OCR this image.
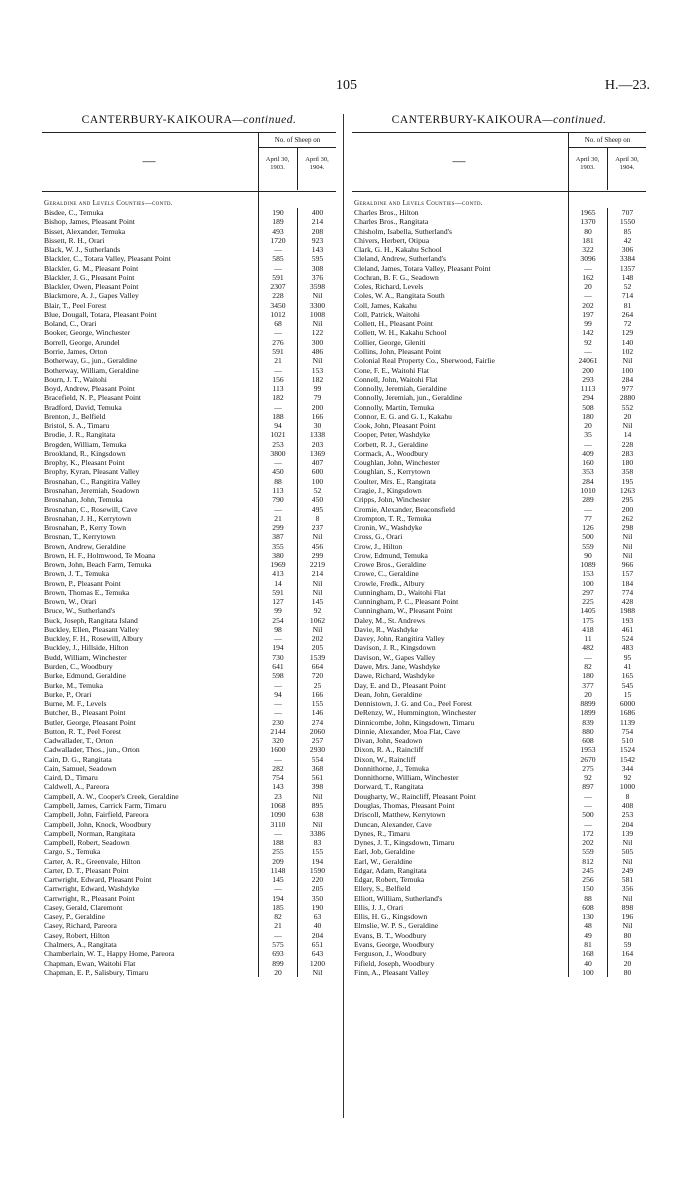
105	H.—23.
CANTERBURY-KAIKOURA—continued.
—
No. of Sheep on
April 30, 1903.
April 30, 1904.
Geraldine and Levels Counties—contd.
Bisdee, C., Temuka	190	400
Bishop, James, Pleasant Point	189	214
Bisset, Alexander, Temuka	493	208
Bissett, R. H., Orari	1720	923
Black, W. J., Sutherlands	—	143
Blackler, C., Totara Valley, Pleasant Point	585	595
Blackler, G. M., Pleasant Point	—	308
Blackler, J. G., Pleasant Point	591	376
Blackler, Owen, Pleasant Point	2307	3598
Blackmore, A. J., Gapes Valley	228	Nil
Blair, T., Peel Forest	3450	3300
Blue, Dougall, Totara, Pleasant Point	1012	1008
Boland, C., Orari	68	Nil
Booker, George, Winchester	—	122
Borrell, George, Arundel	276	300
Borrie, James, Orton	591	486
Botherway, G., jun., Geraldine	21	Nil
Botherway, William, Geraldine	—	153
Bourn, J. T., Waitohi	156	182
Boyd, Andrew, Pleasant Point	113	99
Bracefield, N. P., Pleasant Point	182	79
Bradford, David, Temuka	—	200
Brenton, J., Belfield	188	166
Bristol, S. A., Timaru	94	30
Brodie, J. R., Rangitata	1021	1338
Brogden, William, Temuka	253	203
Brookland, R., Kingsdown	3800	1369
Brophy, K., Pleasant Point	—	407
Brophy, Kyran, Pleasant Valley	450	600
Brosnahan, C., Rangitira Valley	88	100
Brosnahan, Jeremiah, Seadown	113	52
Brosnahan, John, Temuka	790	450
Brosnahan, C., Rosewill, Cave	—	495
Brosnahan, J. H., Kerrytown	21	8
Brosnahan, P., Kerry Town	299	237
Brosnan, T., Kerrytown	387	Nil
Brown, Andrew, Geraldine	355	456
Brown, H. F., Holmwood, Te Moana	380	299
Brown, John, Beach Farm, Temuka	1969	2219
Brown, J. T., Temuka	413	214
Brown, P., Pleasant Point	14	Nil
Brown, Thomas E., Temuka	591	Nil
Brown, W., Orari	127	145
Bruce, W., Sutherland's	99	92
Buck, Joseph, Rangitata Island	254	1062
Buckley, Ellen, Pleasant Valley	98	Nil
Buckley, F. H., Rosewill, Albury	—	202
Buckley, J., Hillside, Hilton	194	205
Budd, William, Winchester	730	1539
Burden, C., Woodbury	641	664
Burke, Edmund, Geraldine	598	720
Burke, M., Temuka	—	25
Burke, P., Orari	94	166
Burne, M. F., Levels	—	155
Butcher, B., Pleasant Point	—	146
Butler, George, Pleasant Point	230	274
Button, R. T., Peel Forest	2144	2060
Cadwallader, T., Orton	320	257
Cadwallader, Thos., jun., Orton	1600	2930
Cain, D. G., Rangitata	—	554
Cain, Samuel, Seadown	282	368
Caird, D., Timaru	754	561
Caldwell, A., Pareora	143	398
Campbell, A. W., Cooper's Creek, Geraldine	23	Nil
Campbell, James, Carrick Farm, Timaru	1068	895
Campbell, John, Fairfield, Pareora	1090	638
Campbell, John, Knock, Woodbury	3110	Nil
Campbell, Norman, Rangitata	—	3386
Campbell, Robert, Seadown	188	83
Cargo, S., Temuka	255	155
Carter, A. R., Greenvale, Hilton	209	194
Carter, D. T., Pleasant Point	1148	1590
Cartwright, Edward, Pleasant Point	145	220
Cartwright, Edward, Washdyke	—	205
Cartwright, R., Pleasant Point	194	350
Casey, Gerald, Claremont	185	190
Casey, P., Geraldine	82	63
Casey, Richard, Pareora	21	40
Casey, Robert, Hilton	—	204
Chalmers, A., Rangitata	575	651
Chamberlain, W. T., Happy Home, Pareora	693	643
Chapman, Ewan, Waitohi Flat	899	1200
Chapman, E. P., Salisbury, Timaru	20	Nil
CANTERBURY-KAIKOURA—continued.
—
No. of Sheep on
April 30, 1903.
April 30, 1904.
Geraldine and Levels Counties—contd.
Charles Bros., Hilton	1965	707
Charles Bros., Rangitata	1370	1550
Chisholm, Isabella, Sutherland's	80	85
Chivers, Herbert, Otipua	181	42
Clark, G. H., Kakahu School	322	306
Cleland, Andrew, Sutherland's	3096	3384
Cleland, James, Totara Valley, Pleasant Point	—	1357
Cochran, B. F. G., Seadown	162	148
Coles, Richard, Levels	20	52
Coles, W. A., Rangitata South	—	714
Coll, James, Kakahu	202	81
Coll, Patrick, Waitohi	197	264
Collett, H., Pleasant Point	99	72
Collett, W. H., Kakahu School	142	129
Collier, George, Gleniti	92	140
Collins, John, Pleasant Point	—	102
Colonial Real Property Co., Sherwood, Fairlie	24061	Nil
Cone, F. E., Waitohi Flat	200	100
Connell, John, Waitohi Flat	293	284
Connolly, Jeremiah, Geraldine	1113	977
Connolly, Jeremiah, jun., Geraldine	294	2880
Connolly, Martin, Temuka	508	552
Connor, E. G. and G. I., Kakahu	180	20
Cook, John, Pleasant Point	20	Nil
Cooper, Peter, Washdyke	35	14
Corbett, R. J., Geraldine	—	228
Cormack, A., Woodbury	409	283
Coughlan, John, Winchester	160	180
Coughlan, S., Kerrytown	353	358
Coulter, Mrs. E., Rangitata	284	195
Cragie, J., Kingsdown	1010	1263
Cripps, John, Winchester	289	295
Cromie, Alexander, Beaconsfield	—	200
Crompton, T. R., Temuka	77	262
Cronin, W., Washdyke	126	298
Cross, G., Orari	500	Nil
Crow, J., Hilton	559	Nil
Crow, Edmund, Temuka	90	Nil
Crowe Bros., Geraldine	1089	966
Crowe, C., Geraldine	153	157
Crowle, Fredk., Albury	100	184
Cunningham, D., Waitohi Flat	297	774
Cunningham, P. C., Pleasant Point	225	428
Cunningham, W., Pleasant Point	1405	1988
Daley, M., St. Andrews	175	193
Davie, R., Washdyke	418	461
Davey, John, Rangitira Valley	11	524
Davison, J. R., Kingsdown	482	483
Davison, W., Gapes Valley	—	95
Dawe, Mrs. Jane, Washdyke	82	41
Dawe, Richard, Washdyke	180	165
Day, E. and D., Pleasant Point	377	545
Dean, John, Geraldine	20	15
Dennistown, J. G. and Co., Peel Forest	8899	6000
DeRenzy, W., Hummington, Winchester	1899	1686
Dinnicombe, John, Kingsdown, Timaru	839	1139
Dinnie, Alexander, Moa Flat, Cave	880	754
Divan, John, Seadown	608	510
Dixon, R. A., Raincliff	1953	1524
Dixon, W., Raincliff	2670	1542
Donnithorne, J., Temuka	275	344
Donnithorne, William, Winchester	92	92
Dorward, T., Rangitata	897	1000
Dougharty, W., Raincliff, Pleasant Point	—	8
Douglas, Thomas, Pleasant Point	—	408
Driscoll, Matthew, Kerrytown	500	253
Duncan, Alexander, Cave	—	204
Dynes, R., Timaru	172	139
Dynes, J. T., Kingsdown, Timaru	202	Nil
Earl, Job, Geraldine	559	505
Earl, W., Geraldine	812	Nil
Edgar, Adam, Rangitata	245	249
Edgar, Robert, Temuka	256	581
Ellery, S., Belfield	150	356
Elliott, William, Sutherland's	88	Nil
Ellis, J. J., Orari	608	898
Ellis, H. G., Kingsdown	130	196
Elmslie, W. P. S., Geraldine	48	Nil
Evans, B. T., Woodbury	49	80
Evans, George, Woodbury	81	59
Ferguson, J., Woodbury	168	164
Fifield, Joseph, Woodbury	40	20
Finn, A., Pleasant Valley	100	80
